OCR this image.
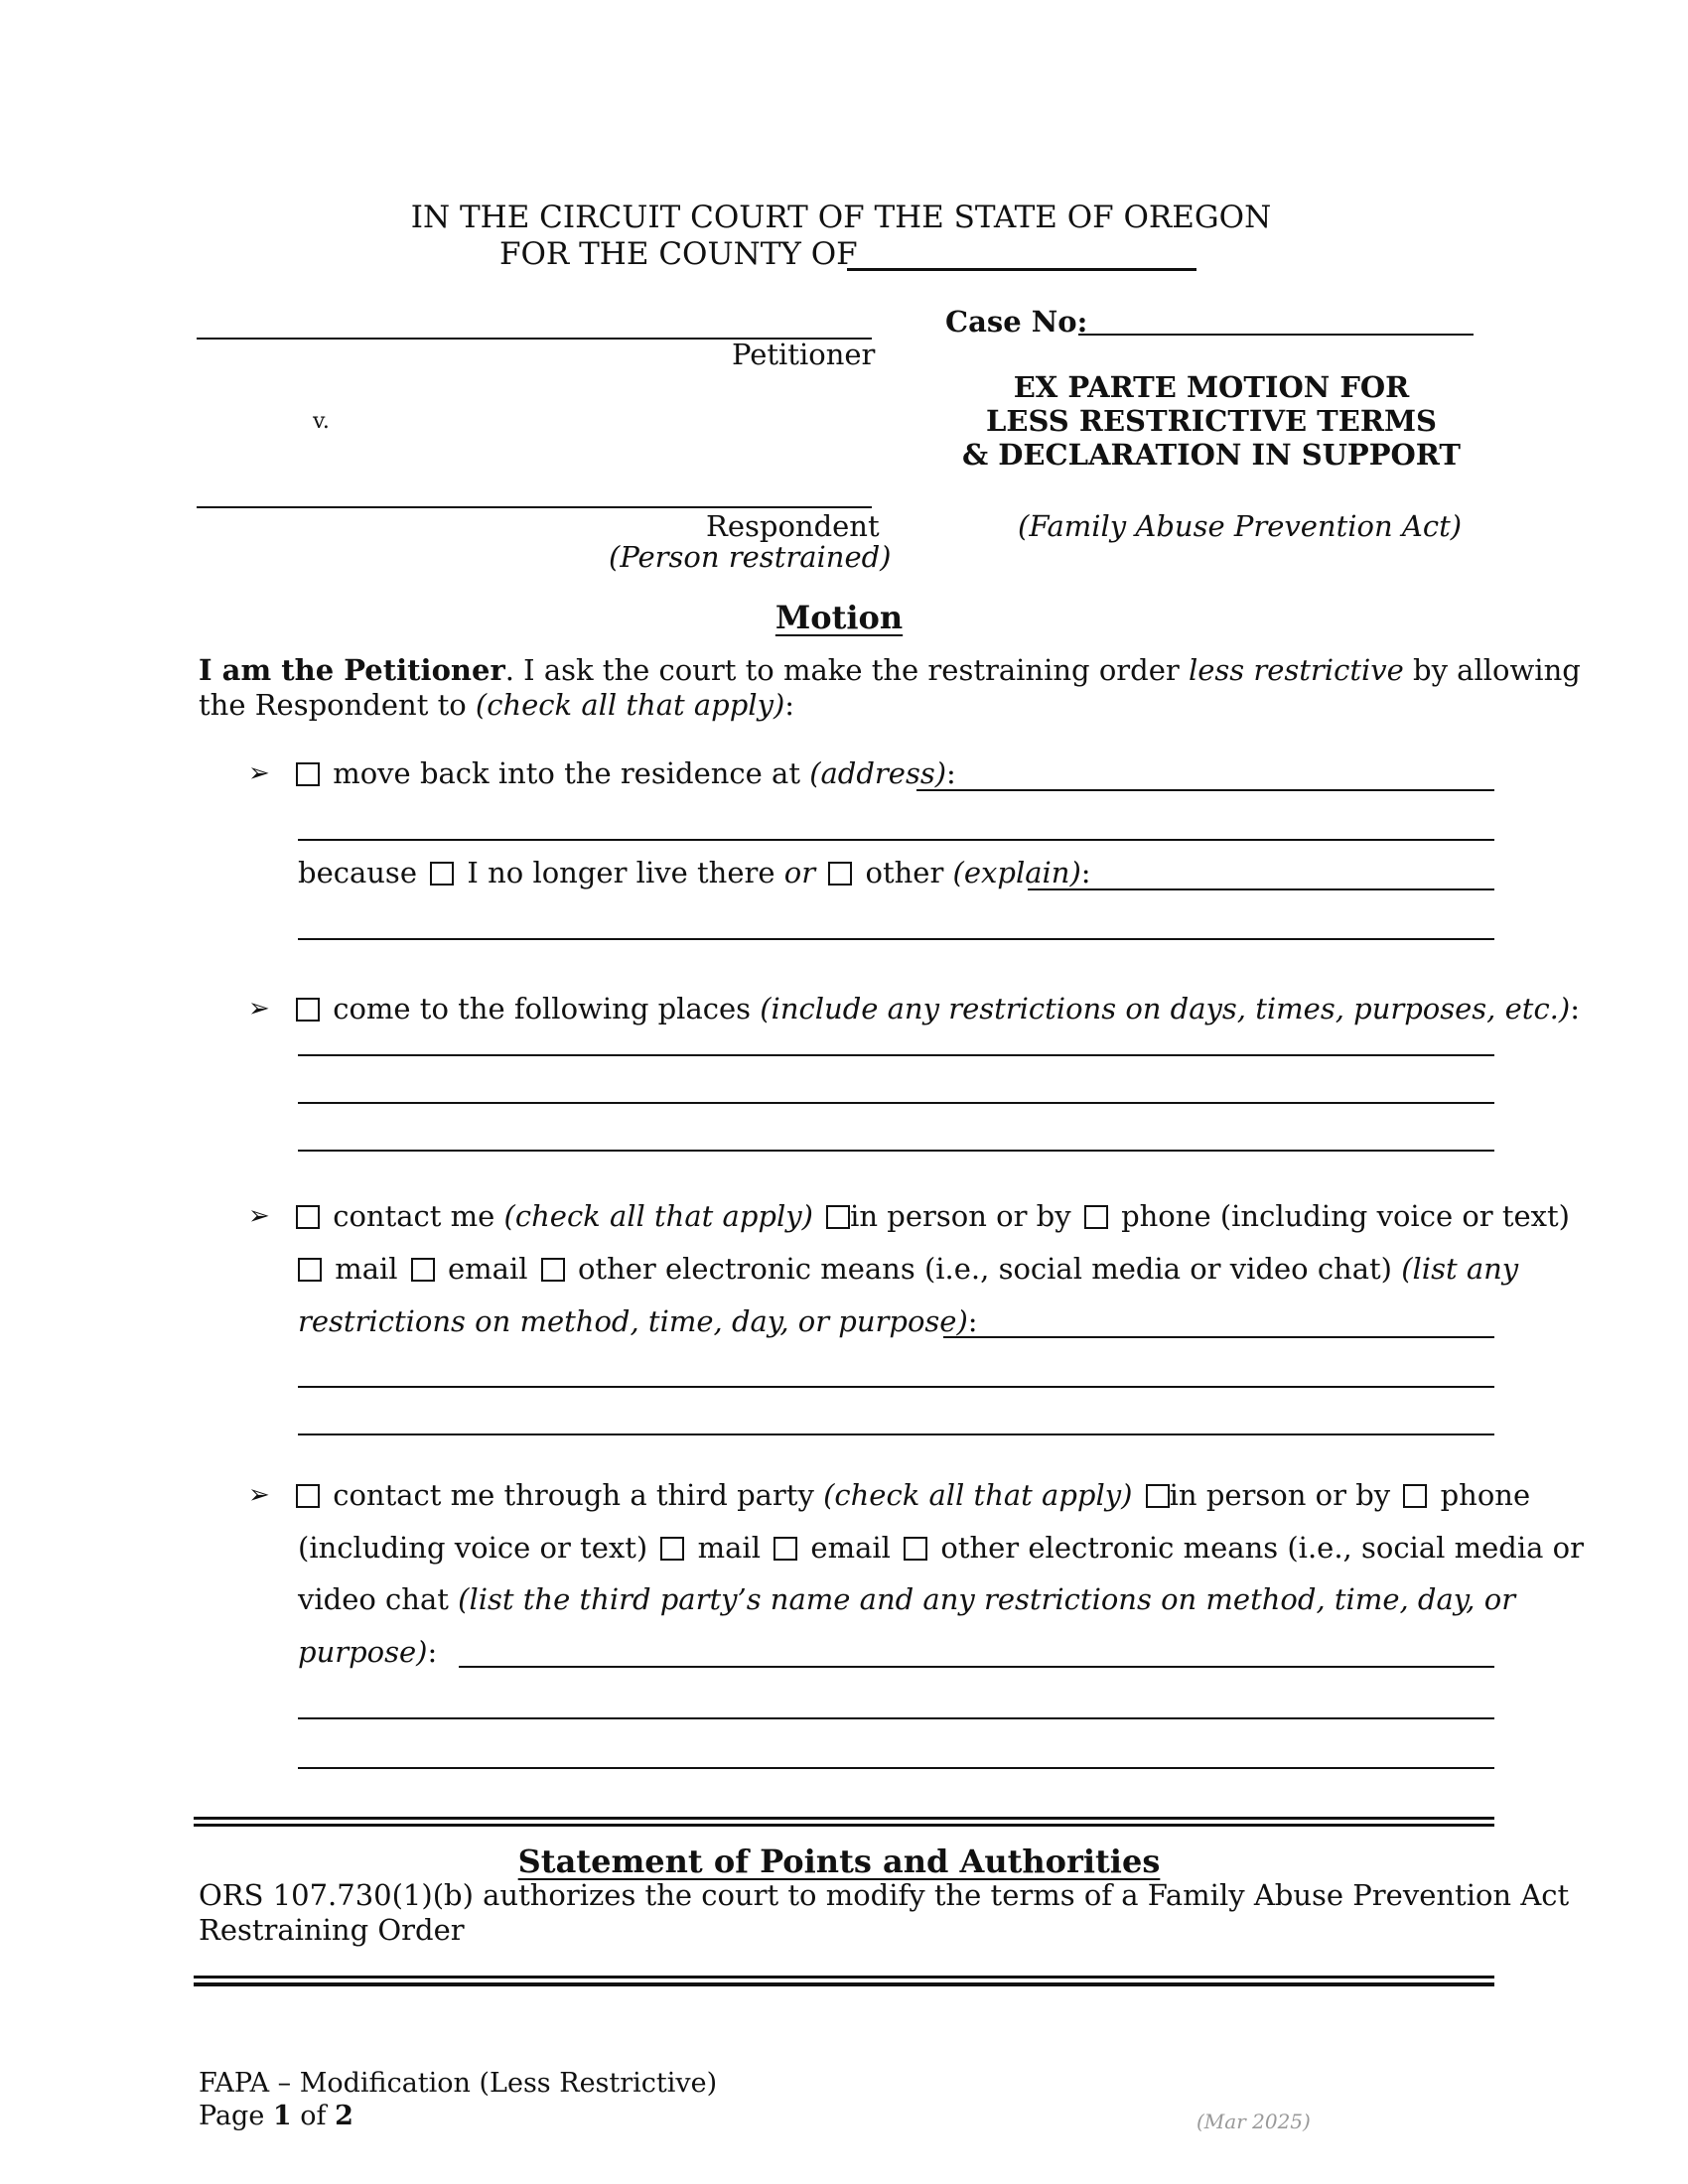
IN THE CIRCUIT COURT OF THE STATE OF OREGON
FOR THE COUNTY OF
Case No:
Petitioner
v.
Respondent
(Person restrained)
EX PARTE MOTION FOR
LESS RESTRICTIVE TERMS
& DECLARATION IN SUPPORT
(Family Abuse Prevention Act)
Motion
I am the Petitioner. I ask the court to make the restraining order less restrictive by allowing
the Respondent to (check all that apply):
➢	move back into the residence at (address):
because I no longer live there or other (explain):
➢	come to the following places (include any restrictions on days, times, purposes, etc.):
➢	contact me (check all that apply) in person or by phone (including voice or text)
mail email other electronic means (i.e., social media or video chat) (list any
restrictions on method, time, day, or purpose):
➢	contact me through a third party (check all that apply) in person or by phone
(including voice or text) mail email other electronic means (i.e., social media or
video chat (list the third party’s name and any restrictions on method, time, day, or
purpose):
Statement of Points and Authorities
ORS 107.730(1)(b) authorizes the court to modify the terms of a Family Abuse Prevention Act
Restraining Order
FAPA – Modification (Less Restrictive)
Page 1 of 2	(Mar 2025)
